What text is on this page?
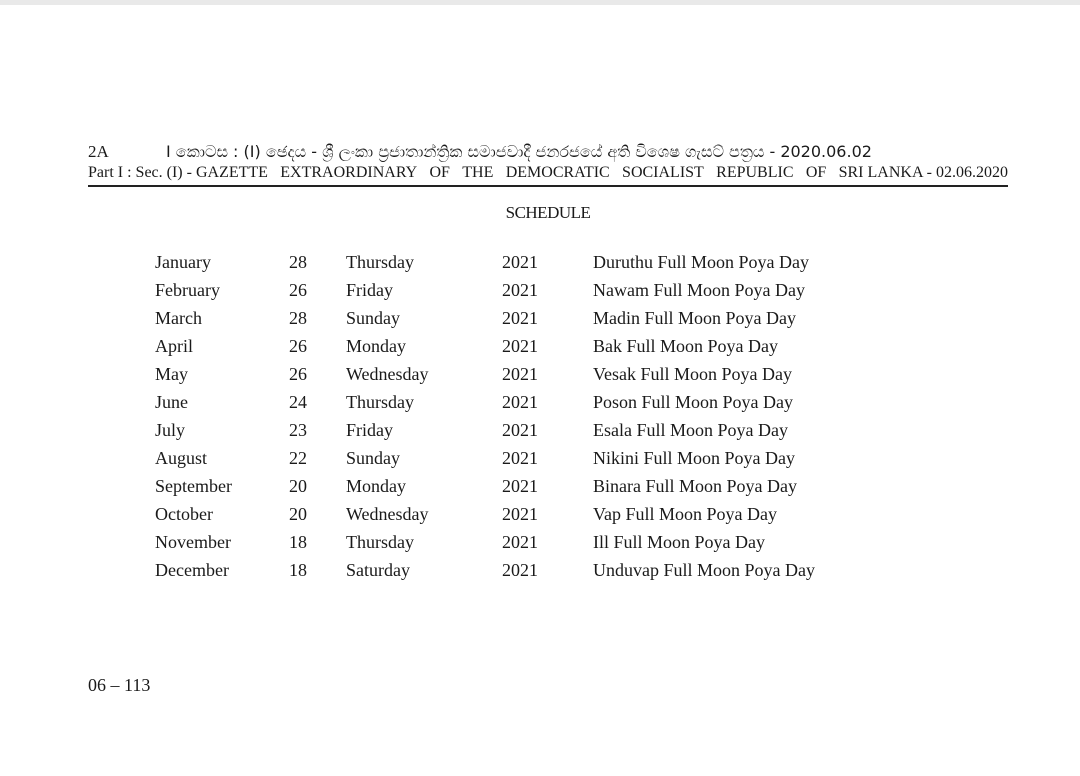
2A	I කොටස : (I) ඡෙදය - ශ්‍රී ලංකා ප්‍රජාතාන්ත්‍රික සමාජවාදී ජනරජයේ අති විශෙෂ ගැසට් පත්‍රය - 2020.06.02
Part I : Sec. (I) - GAZETTE EXTRAORDINARY OF THE DEMOCRATIC SOCIALIST REPUBLIC OF SRI LANKA - 02.06.2020
SCHEDULE
January	28 Thursday	2021	Duruthu Full Moon Poya Day
February	26 Friday	2021	Nawam Full Moon Poya Day
March	28 Sunday	2021	Madin Full Moon Poya Day
April	26 Monday	2021	Bak Full Moon Poya Day
May	26 Wednesday	2021	Vesak Full Moon Poya Day
June	24 Thursday	2021	Poson Full Moon Poya Day
July	23 Friday	2021	Esala Full Moon Poya Day
August	22 Sunday	2021	Nikini Full Moon Poya Day
September	20 Monday	2021	Binara Full Moon Poya Day
October	20 Wednesday	2021	Vap Full Moon Poya Day
November	18 Thursday	2021	Ill Full Moon Poya Day
December	18 Saturday	2021	Unduvap Full Moon Poya Day
06 – 113
